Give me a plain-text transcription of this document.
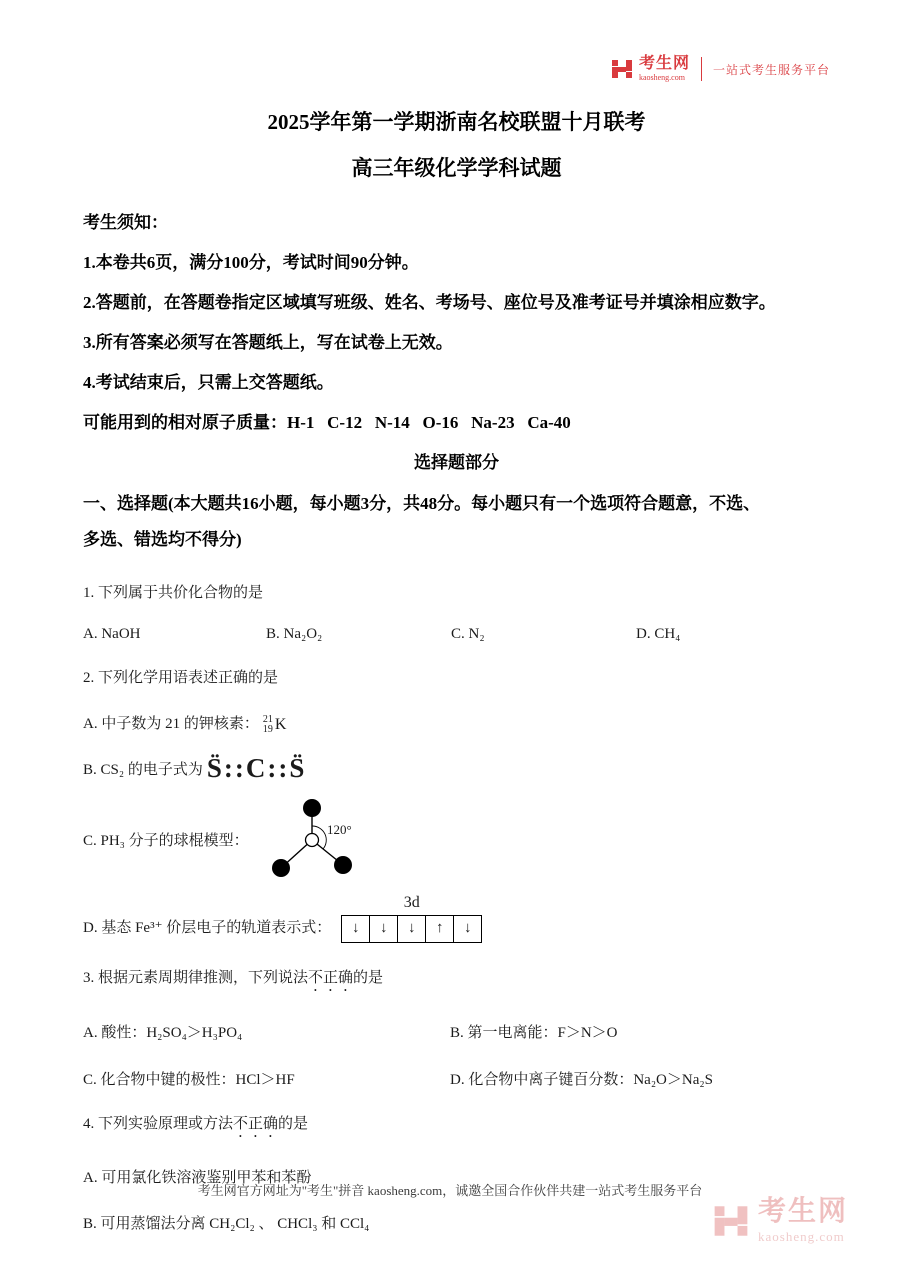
考生网
kaosheng.com
一站式考生服务平台
2025学年第一学期浙南名校联盟十月联考
高三年级化学学科试题
考生须知：
1.本卷共6页，满分100分，考试时间90分钟。
2.答题前，在答题卷指定区域填写班级、姓名、考场号、座位号及准考证号并填涂相应数字。
3.所有答案必须写在答题纸上，写在试卷上无效。
4.考试结束后，只需上交答题纸。
可能用到的相对原子质量：H-1   C-12   N-14   O-16   Na-23   Ca-40
选择题部分
一、选择题(本大题共16小题，每小题3分，共48分。每小题只有一个选项符合题意，不选、
多选、错选均不得分)
1. 下列属于共价化合物的是
A. NaOH	B. Na₂O₂	C. N₂	D. CH₄
2. 下列化学用语表述正确的是
A. 中子数为 21 的钾核素： 21
19 K
B. CS₂ 的电子式为 S̈::C::S̈
C. PH₃ 分子的球棍模型：
120°
D. 基态 Fe³⁺ 价层电子的轨道表示式：
3d
↓	↓	↓	↑	↓
3. 根据元素周期律推测，下列说法不正确的是
A. 酸性：H₂SO₄＞H₃PO₄	B. 第一电离能：F＞N＞O
C. 化合物中键的极性：HCl＞HF	D. 化合物中离子键百分数：Na₂O＞Na₂S
4. 下列实验原理或方法不正确的是
A. 可用氯化铁溶液鉴别甲苯和苯酚
B. 可用蒸馏法分离 CH₂Cl₂ 、 CHCl₃ 和 CCl₄
考生网官方网址为"考生"拼音 kaosheng.com，诚邀全国合作伙伴共建一站式考生服务平台
考生网
kaosheng.com
